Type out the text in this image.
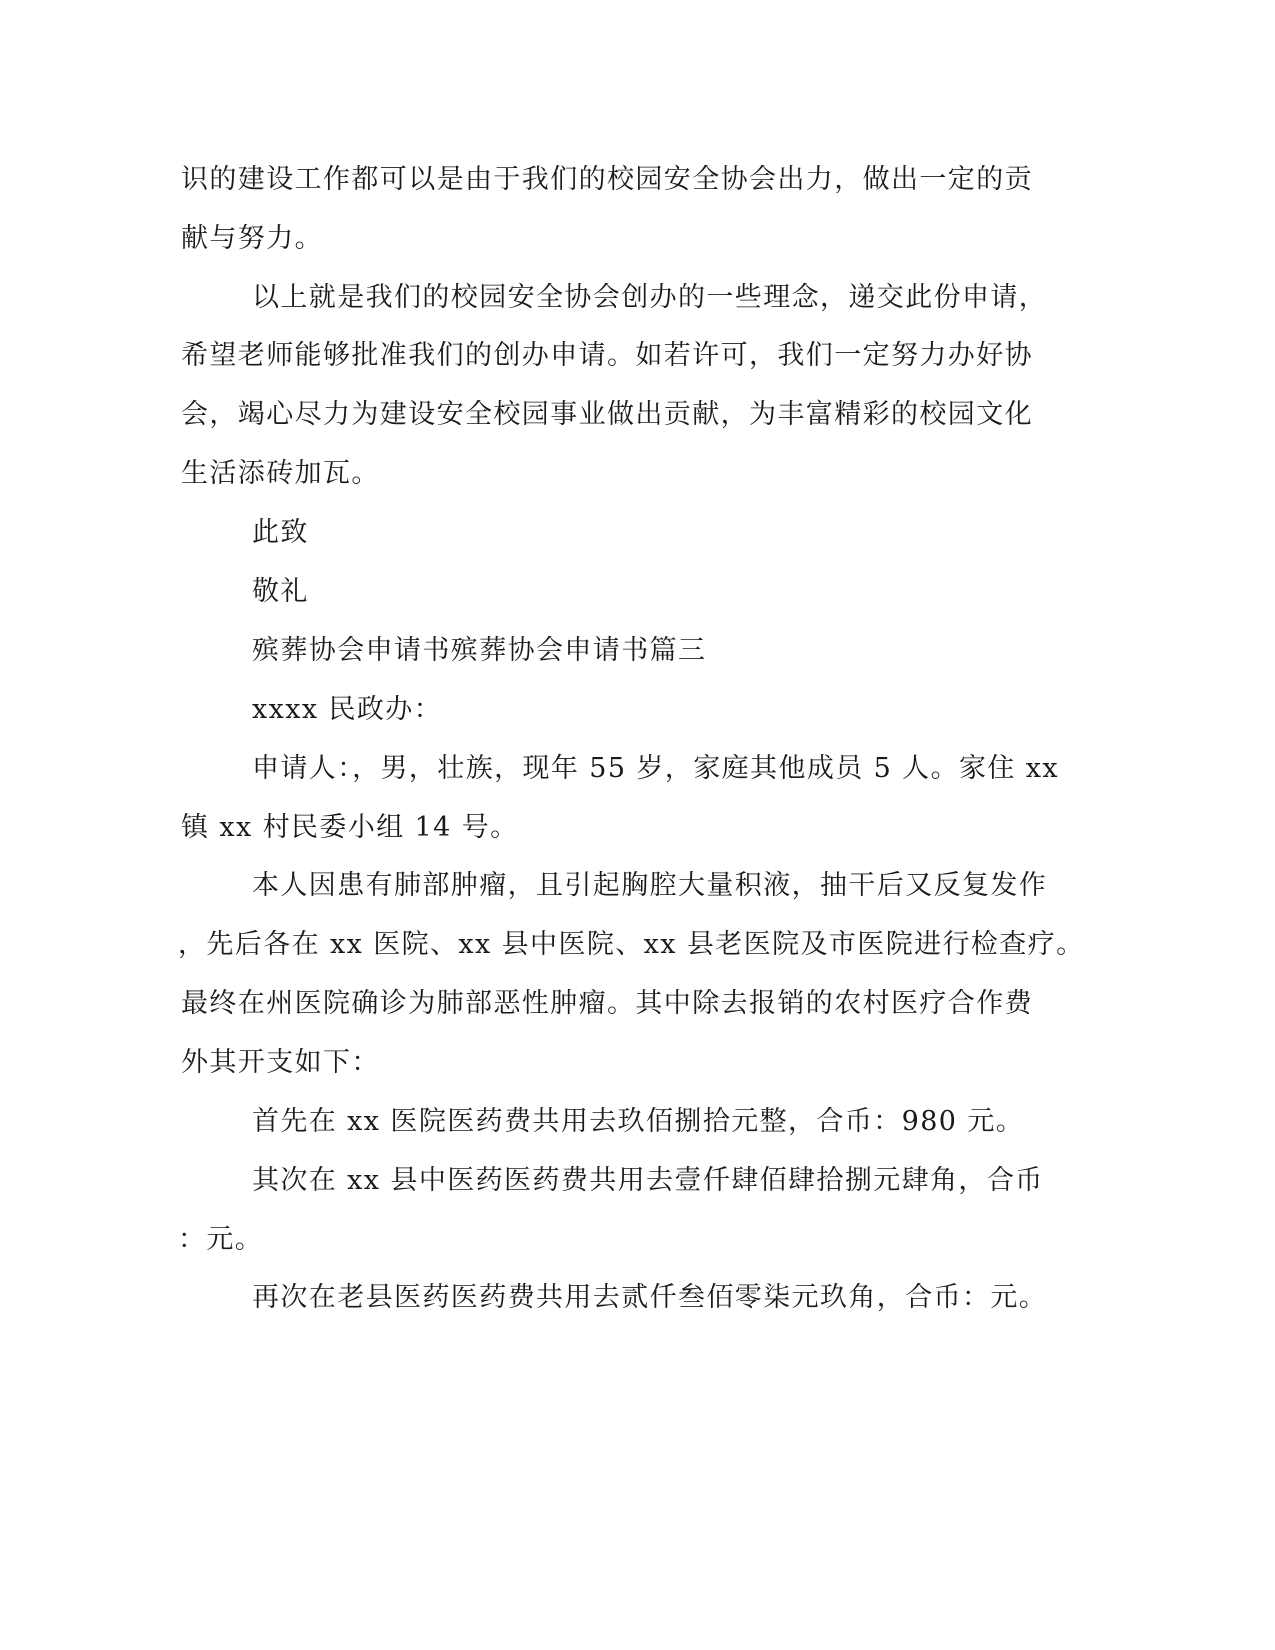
识的建设工作都可以是由于我们的校园安全协会出力，做出一定的贡
献与努力。
以上就是我们的校园安全协会创办的一些理念，递交此份申请，
希望老师能够批准我们的创办申请。如若许可，我们一定努力办好协
会，竭心尽力为建设安全校园事业做出贡献，为丰富精彩的校园文化
生活添砖加瓦。
此致
敬礼
殡葬协会申请书殡葬协会申请书篇三
xxxx 民政办：
申请人：，男，壮族，现年 55 岁，家庭其他成员 5 人。家住 xx
镇 xx 村民委小组 14 号。
本人因患有肺部肿瘤，且引起胸腔大量积液，抽干后又反复发作
，先后各在 xx 医院、xx 县中医院、xx 县老医院及市医院进行检查疗。
最终在州医院确诊为肺部恶性肿瘤。其中除去报销的农村医疗合作费
外其开支如下：
首先在 xx 医院医药费共用去玖佰捌拾元整，合币：980 元。
其次在 xx 县中医药医药费共用去壹仟肆佰肆拾捌元肆角，合币
：元。
再次在老县医药医药费共用去贰仟叁佰零柒元玖角，合币：元。
